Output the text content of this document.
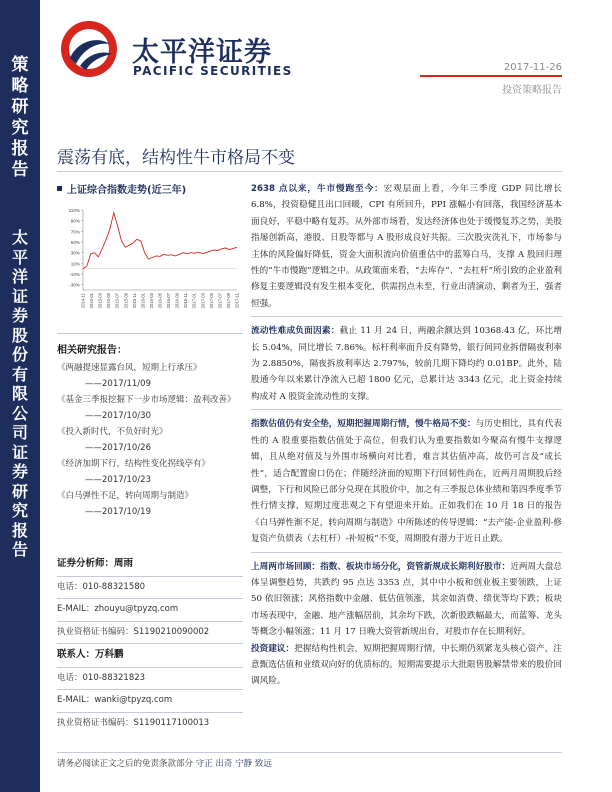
策
略
研
究
报
告
太
平
洋
证
券
股
份
有
限
公
司
证
券
研
究
报
告
太平洋证券
PACIFIC SECURITIES	2017-11-26
投资策略报告
震荡有底，结构性牛市格局不变
上证综合指数走势(近三年)
110%
90%
70%
50%
30%
10%
-10%
-30%
2014-11 2015-01 2015-03 2015-05 2015-07 2015-09 2015-11 2016-01 2016-03 2016-05 2016-07 2016-09 2016-11 2017-01 2017-03 2017-05 2017-07 2017-09 2017-11
相关研究报告：
《两融提速显露台风，短期上行承压》
——2017/11/09
《基金三季报挖掘下一步市场逻辑：盈利改善》
——2017/10/30
《投入新时代，不负好时光》
——2017/10/26
《经济加期下行，结构性变化拐线亭有》
——2017/10/23
《白马弹性不足，转向周期与制造》
——2017/10/19
证券分析师：周雨
电话：010-88321580
E-MAIL：zhouyu@tpyzq.com
执业资格证书编码：S1190210090002
联系人：万科鹏
电话：010-88321823
E-MAIL：wanki@tpyzq.com
执业资格证书编码：S1190117100013

2638 点以来，牛市慢跑至今：宏观层面上看，今年三季度 GDP 同比增长 6.8%，投资稳健且出口回暖，CPI 有所回升，PPI 涨幅小有回落，我国经济基本面良好，平稳中略有复苏。从外部市场看，发达经济体也处于缓慢复苏之势，美股指屡创新高，港股、日股等都与 A 股形成良好共振。三次股灾洗礼下，市场参与主体的风险偏好降低，资金大面积流向价值重估中的蓝筹白马，支撑 A 股回归理性的“牛市慢跑”逻辑之中。从政策面来看，“去库存”、“去杠杆”所引致的企业盈利修复主要逻辑没有发生根本变化，供需拐点未至，行业出清演动，剩者为王，强者恒强。

流动性难成负面因素：截止 11 月 24 日，两融余额达到 10368.43 亿，环比增长 5.04%，同比增长 7.86%。标杆利率面升反有降势，银行间同业拆借隔夜利率为 2.8850%，隔夜拆放利率达 2.797%，较前几期下降均约 0.01BP。此外，陆股通今年以来累计净流入已超 1800 亿元，总累计达 3343 亿元，北上资金持续构成对 A 股资金流动性的支撑。

指数估值仍有安全垫，短期把握周期行情，慢牛格局不变：与历史相比，具有代表性的 A 股重要指数估值处于高位，但我们认为重要指数如今聚高有慢牛支撑逻辑，且从绝对值及与外围市场横向对比看，难言其估值冲高，故仍可言及“成长性”，适合配置窗口仍在；伴随经济面的短期下行回韧性尚在，近两月周期股后经调整，下行和风险已部分兑现在其股价中，加之有三季报总体业绩和第四季度季节性行情支撑，短期过度悲观之下有望迎来开始。正如我们在 10 月 18 日的报告《白马弹性渐不足，转向周期与制造》中所陈述的传导逻辑：“去产能-企业盈利-修复资产负债表（去杠杆）-补短板”不变，周期股有潜力于近日止跌。

上周两市场回顾：指数、板块市场分化，资管新规成长期利好股市：近两周大盘总体呈调整趋势，共跌约 95 点达 3353 点，其中中小板和创业板主要领跌，上证 50 依旧领涨；风格指数中金融、低估值领涨，其余如消费、绩优等均下跌；板块市场表现中，金融、地产涨幅居前，其余均下跌，次新股跌幅最大，而蓝筹、龙头等概念小幅领涨；11 月 17 日晚大资管新规出台，对股市存在长期利好。

投资建议：把握结构性机会，短期把握周期行情，中长期仍须紧龙头核心资产，注意甄选估值和业绩双向好的优质标的。短期需要提示大批限售股解禁带来的股价回调风险。

请务必阅读正文之后的免责条款部分 守正 出奇 宁静 致远
